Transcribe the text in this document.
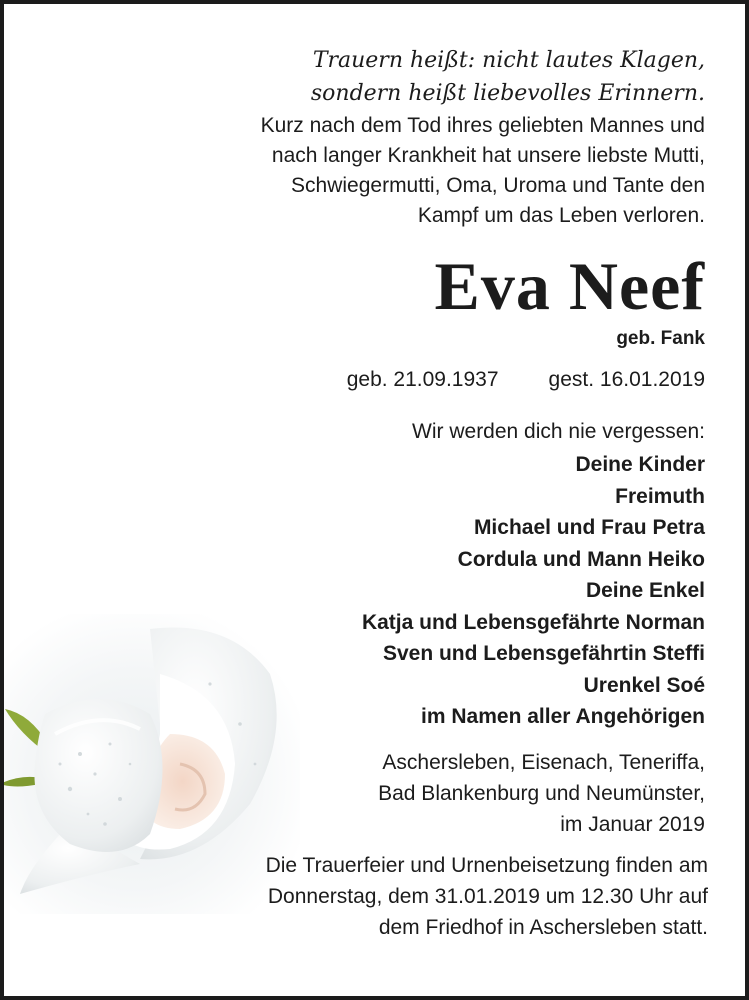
Trauern heißt: nicht lautes Klagen,
sondern heißt liebevolles Erinnern.

Kurz nach dem Tod ihres geliebten Mannes und
nach langer Krankheit hat unsere liebste Mutti,
Schwiegermutti, Oma, Uroma und Tante den
Kampf um das Leben verloren.

Eva Neef

geb. Fank

geb. 21.09.1937 gest. 16.01.2019

Wir werden dich nie vergessen:

Deine Kinder
Freimuth
Michael und Frau Petra
Cordula und Mann Heiko
Deine Enkel
Katja und Lebensgefährte Norman
Sven und Lebensgefährtin Steffi
Urenkel Soé
im Namen aller Angehörigen

Aschersleben, Eisenach, Teneriffa,
Bad Blankenburg und Neumünster,
im Januar 2019

Die Trauerfeier und Urnenbeisetzung finden am
Donnerstag, dem 31.01.2019 um 12.30 Uhr auf
dem Friedhof in Aschersleben statt.
